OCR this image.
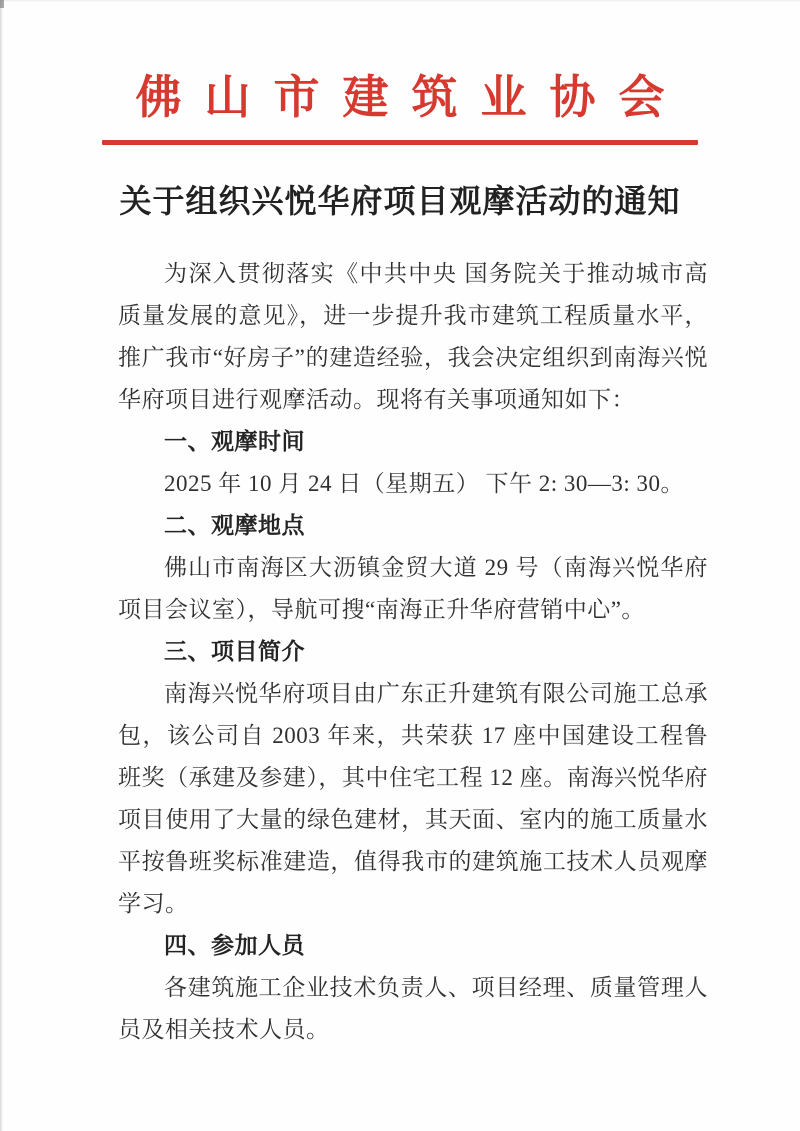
佛山市建筑业协会
关于组织兴悦华府项目观摩活动的通知

为深入贯彻落实《中共中央 国务院关于推动城市高质量发展的意见》，进一步提升我市建筑工程质量水平，推广我市“好房子”的建造经验，我会决定组织到南海兴悦华府项目进行观摩活动。现将有关事项通知如下：

一、观摩时间

2025 年 10 月 24 日（星期五） 下午 2: 30—3: 30。

二、观摩地点

佛山市南海区大沥镇金贸大道 29 号（南海兴悦华府项目会议室），导航可搜“南海正升华府营销中心”。

三、项目简介

南海兴悦华府项目由广东正升建筑有限公司施工总承包，该公司自 2003 年来，共荣获 17 座中国建设工程鲁班奖（承建及参建），其中住宅工程 12 座。南海兴悦华府项目使用了大量的绿色建材，其天面、室内的施工质量水平按鲁班奖标准建造，值得我市的建筑施工技术人员观摩学习。

四、参加人员

各建筑施工企业技术负责人、项目经理、质量管理人员及相关技术人员。
